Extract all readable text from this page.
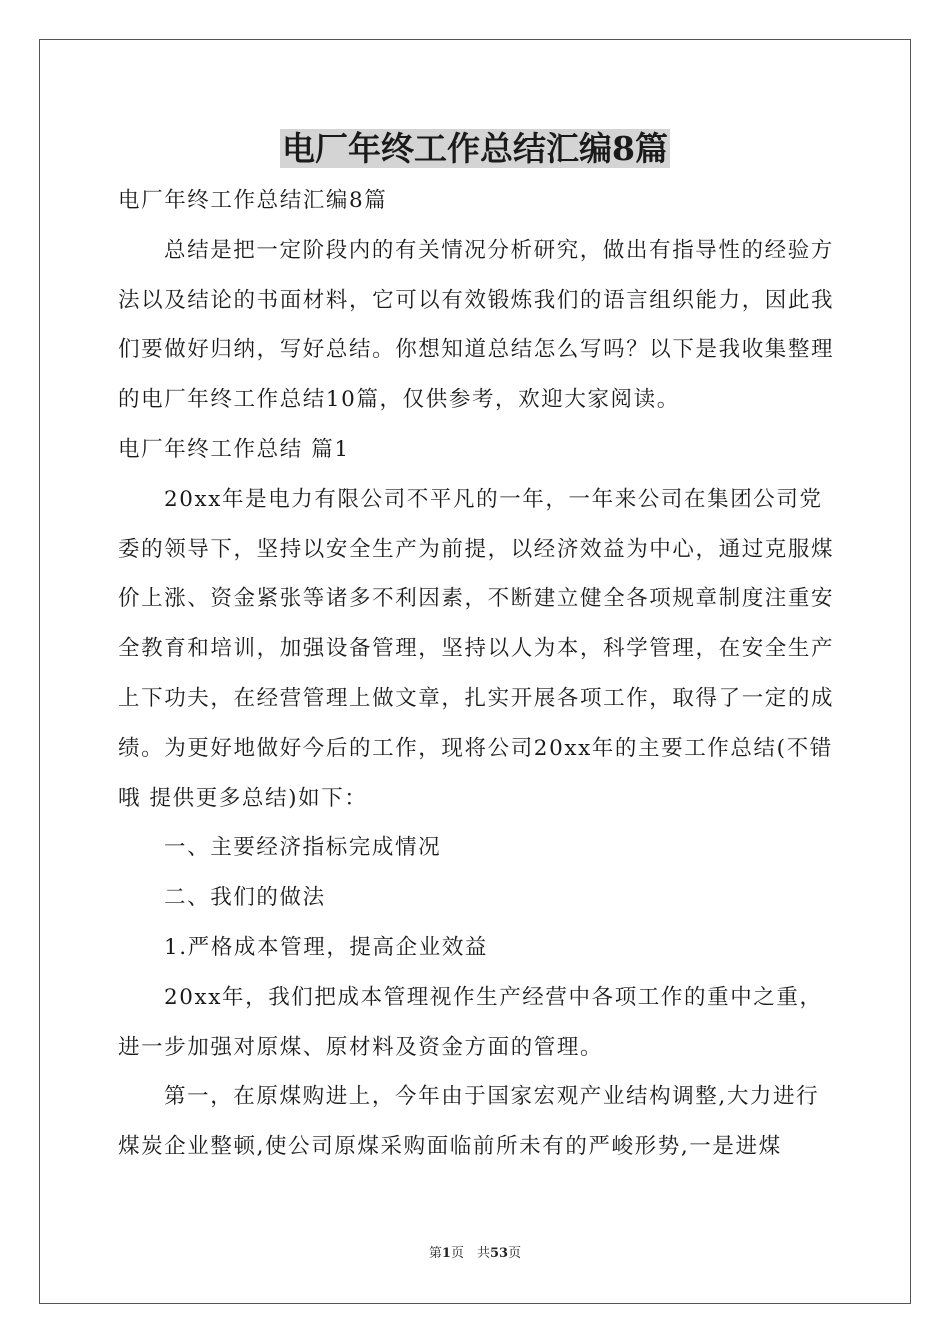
电厂年终工作总结汇编8篇

电厂年终工作总结汇编8篇

总结是把一定阶段内的有关情况分析研究，做出有指导性的经验方法以及结论的书面材料，它可以有效锻炼我们的语言组织能力，因此我们要做好归纳，写好总结。你想知道总结怎么写吗？以下是我收集整理的电厂年终工作总结10篇，仅供参考，欢迎大家阅读。

电厂年终工作总结 篇1

20xx年是电力有限公司不平凡的一年，一年来公司在集团公司党委的领导下，坚持以安全生产为前提，以经济效益为中心，通过克服煤价上涨、资金紧张等诸多不利因素，不断建立健全各项规章制度注重安全教育和培训，加强设备管理，坚持以人为本，科学管理，在安全生产上下功夫，在经营管理上做文章，扎实开展各项工作，取得了一定的成绩。为更好地做好今后的工作，现将公司20xx年的主要工作总结(不错哦 提供更多总结)如下：

一、主要经济指标完成情况

二、我们的做法

1.严格成本管理，提高企业效益

20xx年，我们把成本管理视作生产经营中各项工作的重中之重，进一步加强对原煤、原材料及资金方面的管理。

第一，在原煤购进上，今年由于国家宏观产业结构调整,大力进行煤炭企业整顿,使公司原煤采购面临前所未有的严峻形势,一是进煤

第1页　共53页
